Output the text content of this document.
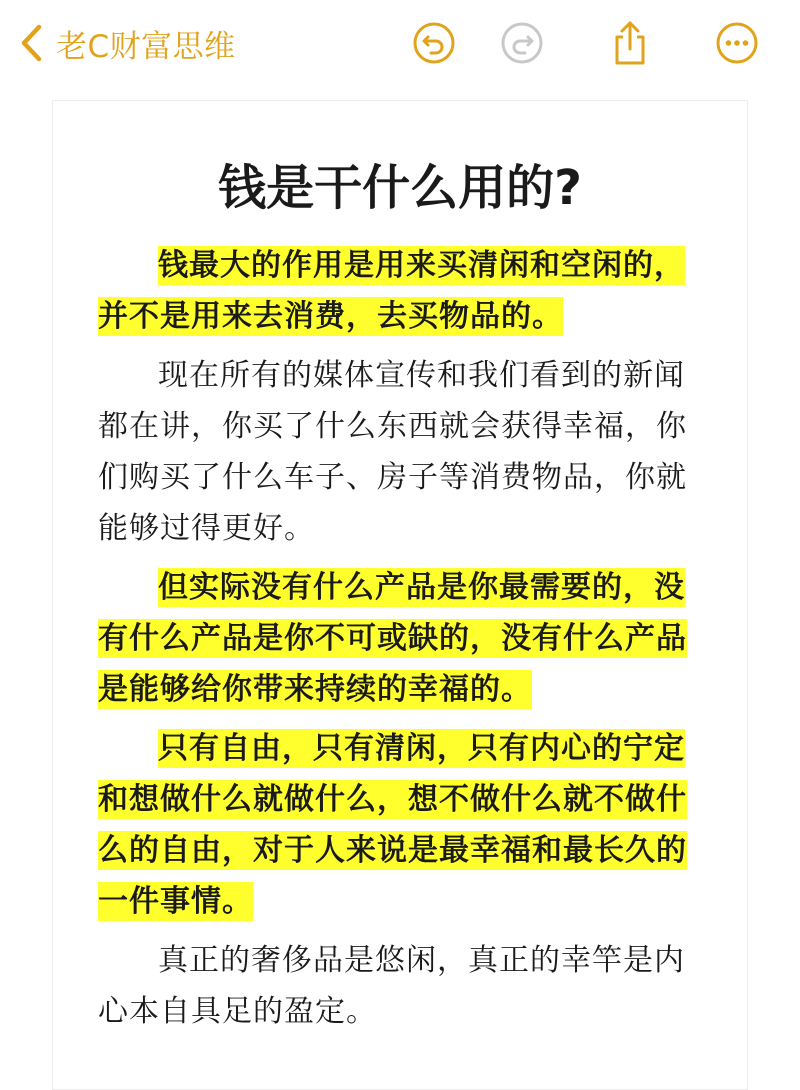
老C财富思维
钱是干什么用的?

钱最大的作用是用来买清闲和空闲的，并不是用来去消费，去买物品的。

现在所有的媒体宣传和我们看到的新闻都在讲，你买了什么东西就会获得幸福，你们购买了什么车子、房子等消费物品，你就能够过得更好。

但实际没有什么产品是你最需要的，没有什么产品是你不可或缺的，没有什么产品是能够给你带来持续的幸福的。

只有自由，只有清闲，只有内心的宁定和想做什么就做什么，想不做什么就不做什么的自由，对于人来说是最幸福和最长久的一件事情。

真正的奢侈品是悠闲，真正的幸竿是内心本自具足的盈定。
